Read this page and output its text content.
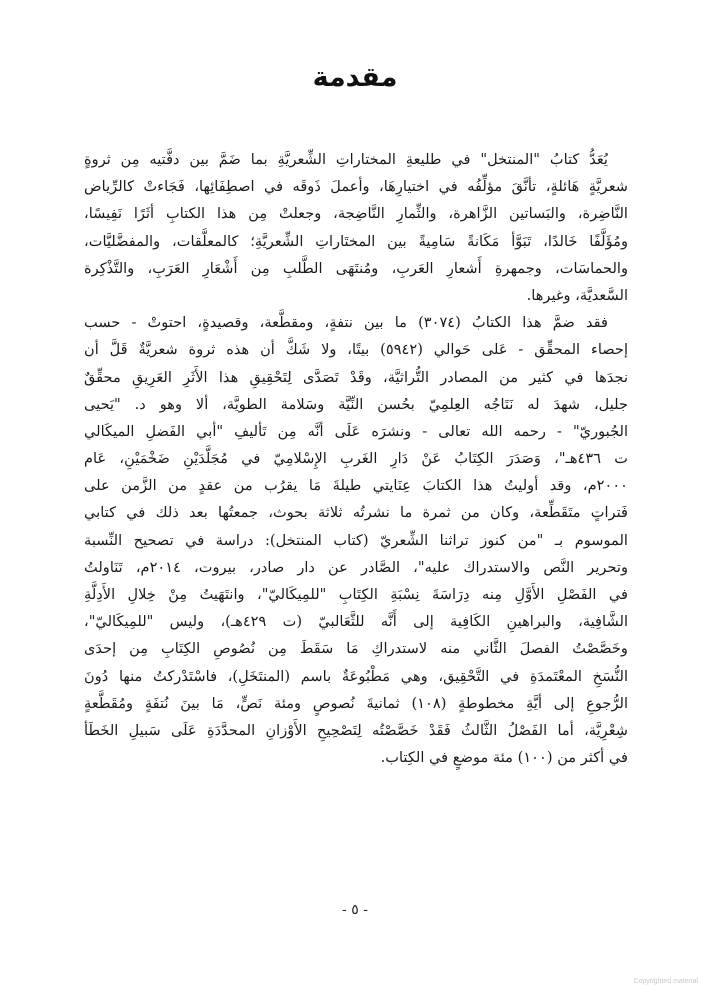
مقدمة
يُعَدُّ كتابُ "المنتخل" في طليعةِ المختاراتِ الشِّعريَّةِ بما ضَمَّ بين دفَّتيه مِن ثروةٍ
شعريَّةٍ هَائلةٍ، تأنَّقَ مؤلِّفُه في اختيارِهَا، وأعملَ ذَوقَه في اصطِفَائِها، فَجَاءتْ كالرِّياض
النَّاضِرة، والبَساتين الزَّاهرة، والثِّمارِ النَّاضِجة، وجعلتْ مِن هذا الكتابِ أثَرًا نَفِيسًا،
ومُؤَلَّفًا خَالدًا، تَبَوَّأ مَكَانةً سَامِيةً بين المختَاراتِ الشِّعريَّةِ؛ كالمعلَّقات، والمفضَّليَّات،
والحماسَات، وجمهرةِ أَشعارِ العَربِ، ومُنتَهَى الطَّلبِ مِن أَشْعَارِ العَرَبِ، والتَّذْكِرة
السَّعديَّة، وغيرها.
فقد ضمَّ هذا الكتابُ (٣٠٧٤) ما بين نتفةٍ، ومقطَّعة، وقصيدةٍ، احتوتْ - حسب
إحصاء المحقِّق - عَلى حَوالي (٥٩٤٢) بيتًا، ولا شَكَّ أن هذه ثروة شعريَّةٌ قَلَّ أن
نجدَها في كثير من المصادر التُّراثيَّة، وقَدْ تَصَدَّى لِتَحْقِيقِ هذا الأَثَرِ العَرِيقِ محقِّقٌ
جليل، شهدَ له نَتَاجُه العِلمِيّ بحُسن النِّيَّة وسَلامة الطويَّة، ألا وهو د. "يَحيى
الجُبوريّ" - رحمه الله تعالى - ونشرَه عَلَى أنَّه مِن تَأليفِ "أبي الفَضلِ الميكَالي
ت ٤٣٦هـ"، وَصَدَرَ الكِتَابُ عَنْ دَارِ الغَربِ الإِسْلامِيّ في مُجَلَّدَيْنِ ضَخْمَيْنِ، عَام
٢٠٠٠م، وقد أوليتُ هذا الكتابَ عِنَايتي طيلةَ مَا يقرُب من عقدٍ من الزَّمن على
فَتراتٍ متَقَطِّعة، وكان من ثمرة ما نشرتُه ثلاثة بحوث، جمعتُها بعد ذلك في كتابي
الموسوم بـ "من كنوز تراثنا الشِّعريّ (كتاب المنتخل): دراسة في تصحيح النِّسبة
وتحرير النَّص والاستدراك عليه"، الصَّادر عن دار صادر، بيروت، ٢٠١٤م، تَنَاولتُ
في الفَصْلِ الأَوَّلِ مِنه دِرَاسَةَ نِسْبَةِ الكِتَابِ "للمِيكَاليّ"، وانتَهَيتُ مِنْ خِلالِ الأَدِلَّةِ
الشَّافِية، والبراهينِ الكَافِية إلى أَنَّه للثَّعَالبيّ (ت ٤٢٩هـ)، وليس "للمِيكَاليّ"،
وخَصَّصْتُ الفصلَ الثَّاني منه لاستدراكِ مَا سَقَطَ مِن نُصُوصِ الكِتَابِ مِن إحدَى
النُّسَخِ المعْتَمدَةِ في التَّحْقِيق، وهي مَطْبُوعَةٌ باسم (المنتَخَلِ)، فاسْتَدْركتُ منها دُونَ
الرُّجوعِ إلى أيَّةِ مخطوطةٍ (١٠٨) ثمانيةَ نُصوصٍ ومئة نَصٍّ، مَا بينَ نُتفَةٍ ومُقَطَّعةٍ
شِعْرِيَّة، أما الفَصْلُ الثَّالثُ فَقَدْ خَصَّصْتُه لِتَصْحِيحِ الأَوْزانِ المحدَّدَةِ عَلَى سَبيلِ الخَطَأ
في أكثر من (١٠٠) مئة موضعٍ في الكِتاب.
- ٥ -
Copyrighted material
